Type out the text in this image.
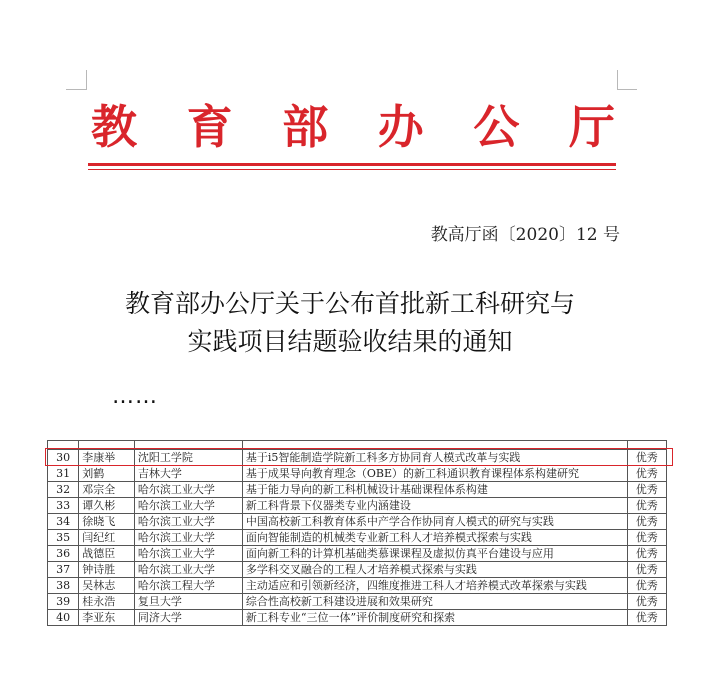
教 育 部 办 公 厅
教高厅函〔2020〕12 号
教育部办公厅关于公布首批新工科研究与
实践项目结题验收结果的通知
……

30	李康举	沈阳工学院	基于i5智能制造学院新工科多方协同育人模式改革与实践	优秀
31	刘鹤	吉林大学	基于成果导向教育理念（OBE）的新工科通识教育课程体系构建研究	优秀
32	邓宗全	哈尔滨工业大学	基于能力导向的新工科机械设计基础课程体系构建	优秀
33	谭久彬	哈尔滨工业大学	新工科背景下仪器类专业内涵建设	优秀
34	徐晓飞	哈尔滨工业大学	中国高校新工科教育体系中产学合作协同育人模式的研究与实践	优秀
35	闫纪红	哈尔滨工业大学	面向智能制造的机械类专业新工科人才培养模式探索与实践	优秀
36	战德臣	哈尔滨工业大学	面向新工科的计算机基础类慕课课程及虚拟仿真平台建设与应用	优秀
37	钟诗胜	哈尔滨工业大学	多学科交叉融合的工程人才培养模式探索与实践	优秀
38	吴林志	哈尔滨工程大学	主动适应和引领新经济，四维度推进工科人才培养模式改革探索与实践	优秀
39	桂永浩	复旦大学	综合性高校新工科建设进展和效果研究	优秀
40	李亚东	同济大学	新工科专业“三位一体”评价制度研究和探索	优秀
